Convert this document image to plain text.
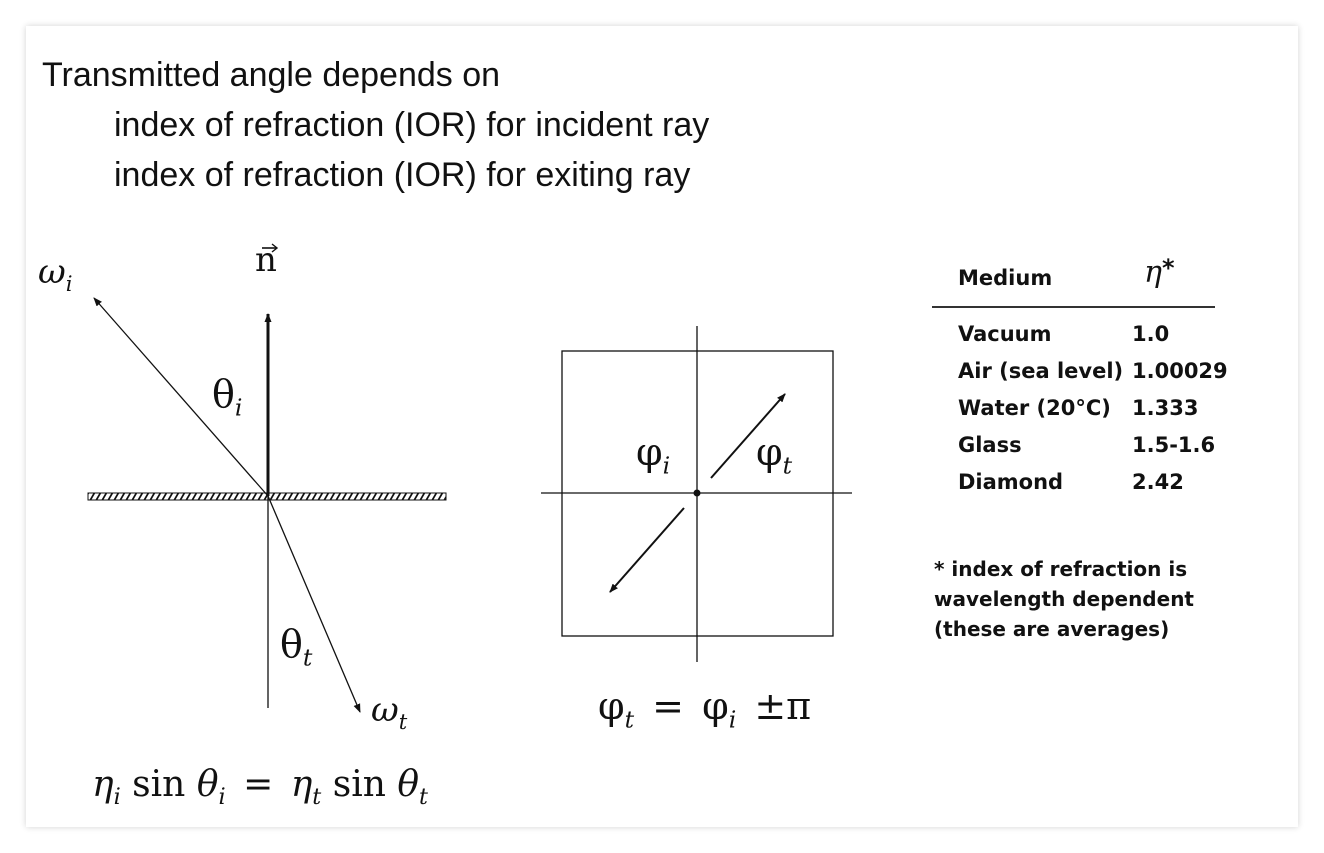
Transmitted angle depends on
index of refraction (IOR) for incident ray
index of refraction (IOR) for exiting ray
$\omega_i$
n
$\theta_i$
$\theta_t$
$\omega_t$
$\eta_i$ $\sin \theta_i = \eta_t$ $\sin \theta_t$
$\varphi_i$ $\varphi_t$
$\varphi_t = \varphi_i \pm\pi$
Medium	η*
Vacuum	1.0
Air (sea level) 1.00029
Water (20°C) 1.333
Glass	1.5-1.6
Diamond	2.42
* index of refraction is
wavelength dependent
(these are averages)
